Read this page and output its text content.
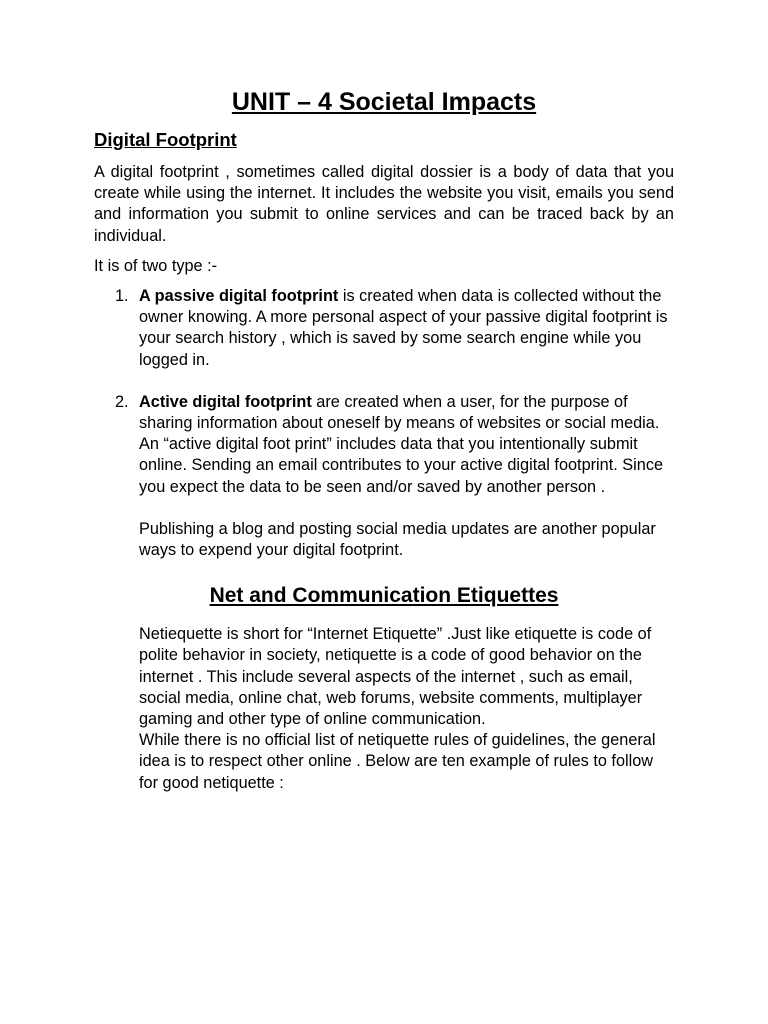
UNIT – 4 Societal Impacts
Digital Footprint

A digital footprint , sometimes called digital dossier is a body of data that you create while using the internet. It includes the website you visit, emails you send and information you submit to online services and can be traced back by an individual.

It is of two type :-

1. A passive digital footprint is created when data is collected without the owner knowing. A more personal aspect of your passive digital footprint is your search history , which is saved by some search engine while you logged in.

2. Active digital footprint are created when a user, for the purpose of sharing information about oneself by means of websites or social media. An “active digital foot print” includes data that you intentionally submit online. Sending an email contributes to your active digital footprint. Since you expect the data to be seen and/or saved by another person .

Publishing a blog and posting social media updates are another popular ways to expend your digital footprint.

Net and Communication Etiquettes

Netiequette is short for “Internet Etiquette” .Just like etiquette is code of polite behavior in society, netiquette is a code of good behavior on the internet . This include several aspects of the internet , such as email, social media, online chat, web forums, website comments, multiplayer gaming and other type of online communication.

While there is no official list of netiquette rules of guidelines, the general idea is to respect other online . Below are ten example of rules to follow for good netiquette :
